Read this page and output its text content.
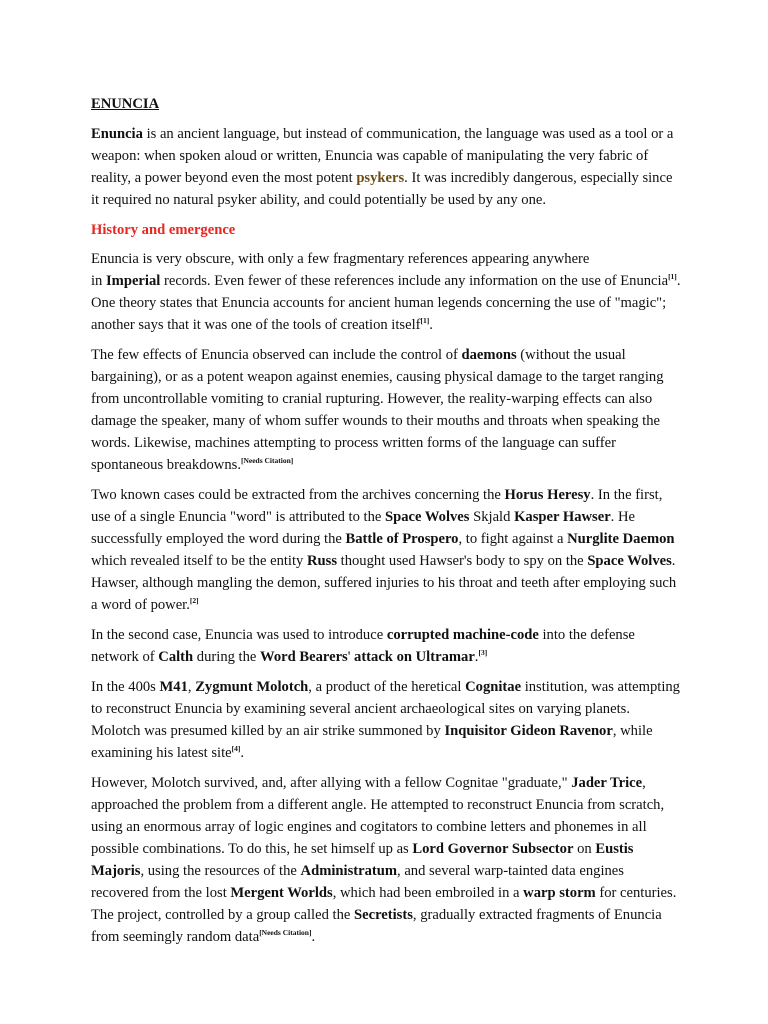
ENUNCIA

Enuncia is an ancient language, but instead of communication, the language was used as a tool or a weapon: when spoken aloud or written, Enuncia was capable of manipulating the very fabric of reality, a power beyond even the most potent psykers. It was incredibly dangerous, especially since it required no natural psyker ability, and could potentially be used by any one.

History and emergence

Enuncia is very obscure, with only a few fragmentary references appearing anywhere
in Imperial records. Even fewer of these references include any information on the use of Enuncia[1]. One theory states that Enuncia accounts for ancient human legends concerning the use of "magic"; another says that it was one of the tools of creation itself[1].

The few effects of Enuncia observed can include the control of daemons (without the usual bargaining), or as a potent weapon against enemies, causing physical damage to the target ranging from uncontrollable vomiting to cranial rupturing. However, the reality-warping effects can also damage the speaker, many of whom suffer wounds to their mouths and throats when speaking the words. Likewise, machines attempting to process written forms of the language can suffer spontaneous breakdowns.[Needs Citation]

Two known cases could be extracted from the archives concerning the Horus Heresy. In the first, use of a single Enuncia "word" is attributed to the Space Wolves Skjald Kasper Hawser. He successfully employed the word during the Battle of Prospero, to fight against a Nurglite Daemon which revealed itself to be the entity Russ thought used Hawser's body to spy on the Space Wolves. Hawser, although mangling the demon, suffered injuries to his throat and teeth after employing such a word of power.[2]

In the second case, Enuncia was used to introduce corrupted machine-code into the defense network of Calth during the Word Bearers' attack on Ultramar.[3]

In the 400s M41, Zygmunt Molotch, a product of the heretical Cognitae institution, was attempting to reconstruct Enuncia by examining several ancient archaeological sites on varying planets. Molotch was presumed killed by an air strike summoned by Inquisitor Gideon Ravenor, while examining his latest site[4].

However, Molotch survived, and, after allying with a fellow Cognitae "graduate," Jader Trice, approached the problem from a different angle. He attempted to reconstruct Enuncia from scratch, using an enormous array of logic engines and cogitators to combine letters and phonemes in all possible combinations. To do this, he set himself up as Lord Governor Subsector on Eustis Majoris, using the resources of the Administratum, and several warp-tainted data engines recovered from the lost Mergent Worlds, which had been embroiled in a warp storm for centuries. The project, controlled by a group called the Secretists, gradually extracted fragments of Enuncia from seemingly random data[Needs Citation].
